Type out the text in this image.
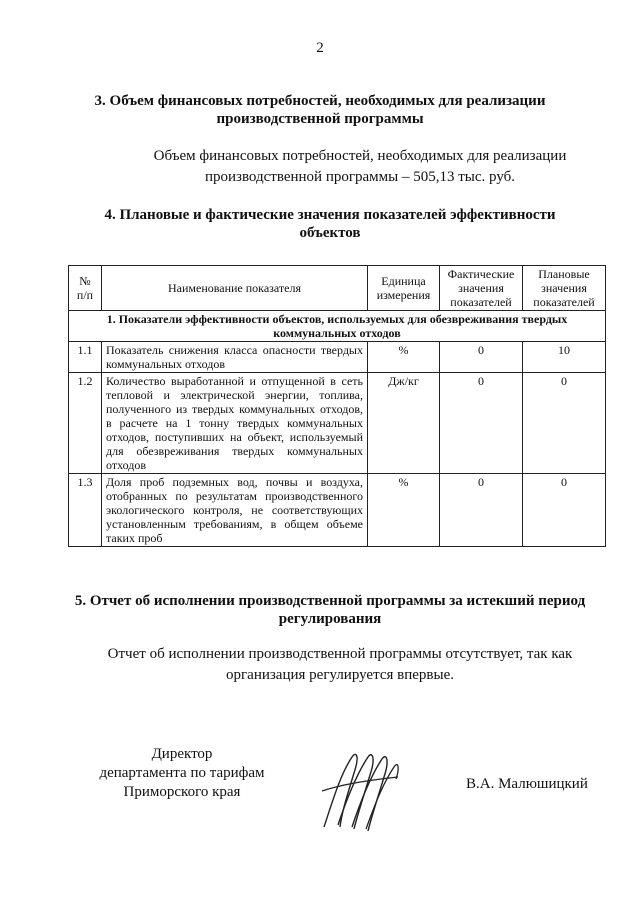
2
3. Объем финансовых потребностей, необходимых для реализации
производственной программы
Объем финансовых потребностей, необходимых для реализации
производственной программы – 505,13 тыс. руб.
4. Плановые и фактические значения показателей эффективности
объектов
№ п/п	Наименование показателя	Единица измерения	Фактические значения показателей	Плановые значения показателей
1. Показатели эффективности объектов, используемых для обезвреживания твердых коммунальных отходов				
1.1	Показатель снижения класса опасности твердых коммунальных отходов	%	0	10
1.2	Количество выработанной и отпущенной в сеть тепловой и электрической энергии, топлива, полученного из твердых коммунальных отходов, в расчете на 1 тонну твердых коммунальных отходов, поступивших на объект, используемый для обезвреживания твердых коммунальных отходов	Дж/кг	0	0
1.3	Доля проб подземных вод, почвы и воздуха, отобранных по результатам производственного экологического контроля, не соответствующих установленным требованиям, в общем объеме таких проб	%	0	0
5. Отчет об исполнении производственной программы за истекший период
регулирования
Отчет об исполнении производственной программы отсутствует, так как
организация регулируется впервые.
Директор
департамента по тарифам
Приморского края	В.А. Малюшицкий
